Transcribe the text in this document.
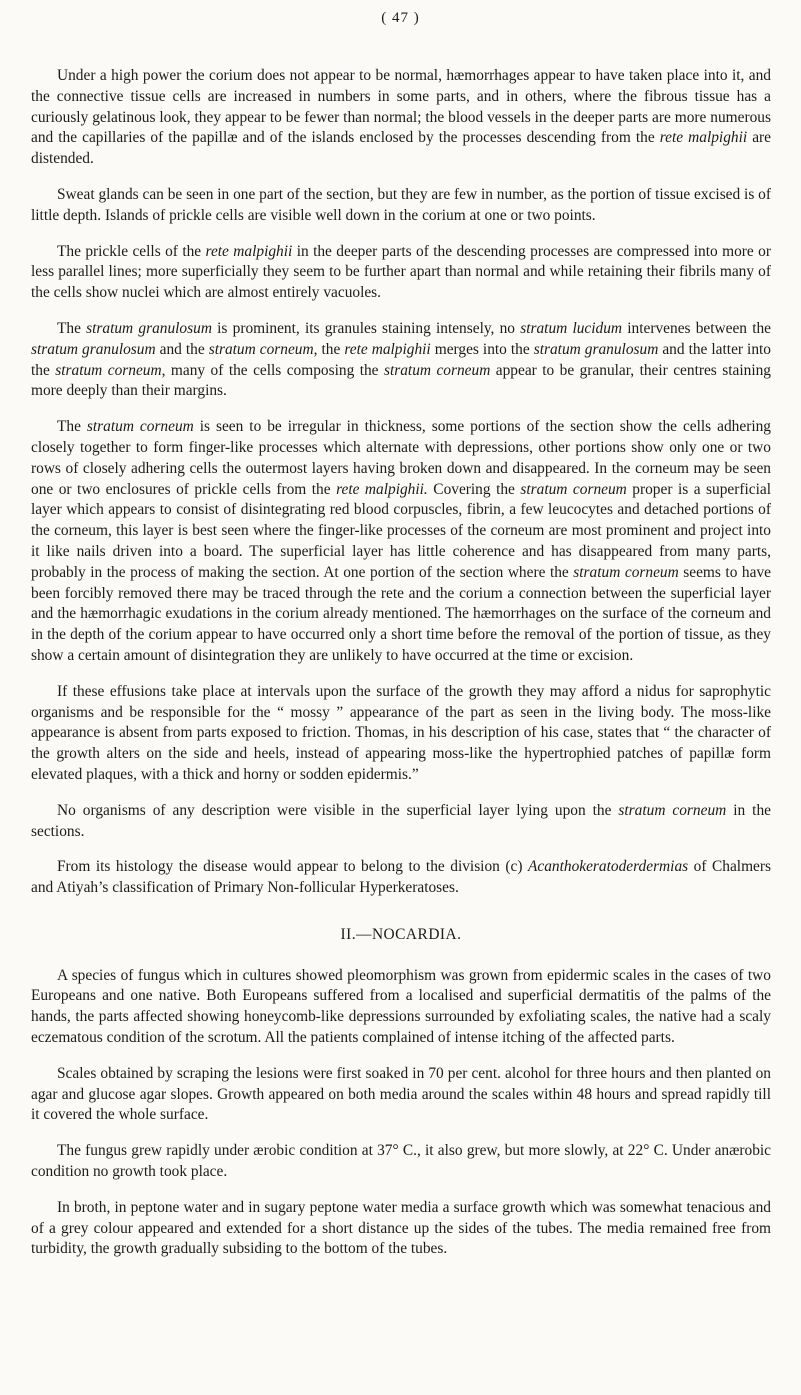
( 47 )

Under a high power the corium does not appear to be normal, hæmorrhages appear to have taken place into it, and the connective tissue cells are increased in numbers in some parts, and in others, where the fibrous tissue has a curiously gelatinous look, they appear to be fewer than normal; the blood vessels in the deeper parts are more numerous and the capillaries of the papillæ and of the islands enclosed by the processes descending from the rete malpighii are distended.

Sweat glands can be seen in one part of the section, but they are few in number, as the portion of tissue excised is of little depth. Islands of prickle cells are visible well down in the corium at one or two points.

The prickle cells of the rete malpighii in the deeper parts of the descending processes are compressed into more or less parallel lines; more superficially they seem to be further apart than normal and while retaining their fibrils many of the cells show nuclei which are almost entirely vacuoles.

The stratum granulosum is prominent, its granules staining intensely, no stratum lucidum intervenes between the stratum granulosum and the stratum corneum, the rete malpighii merges into the stratum granulosum and the latter into the stratum corneum, many of the cells composing the stratum corneum appear to be granular, their centres staining more deeply than their margins.

The stratum corneum is seen to be irregular in thickness, some portions of the section show the cells adhering closely together to form finger-like processes which alternate with depressions, other portions show only one or two rows of closely adhering cells the outermost layers having broken down and disappeared. In the corneum may be seen one or two enclosures of prickle cells from the rete malpighii. Covering the stratum corneum proper is a superficial layer which appears to consist of disintegrating red blood corpuscles, fibrin, a few leucocytes and detached portions of the corneum, this layer is best seen where the finger-like processes of the corneum are most prominent and project into it like nails driven into a board. The superficial layer has little coherence and has disappeared from many parts, probably in the process of making the section. At one portion of the section where the stratum corneum seems to have been forcibly removed there may be traced through the rete and the corium a connection between the superficial layer and the hæmorrhagic exudations in the corium already mentioned. The hæmorrhages on the surface of the corneum and in the depth of the corium appear to have occurred only a short time before the removal of the portion of tissue, as they show a certain amount of disintegration they are unlikely to have occurred at the time or excision.

If these effusions take place at intervals upon the surface of the growth they may afford a nidus for saprophytic organisms and be responsible for the “ mossy ” appearance of the part as seen in the living body. The moss-like appearance is absent from parts exposed to friction. Thomas, in his description of his case, states that “ the character of the growth alters on the side and heels, instead of appearing moss-like the hypertrophied patches of papillæ form elevated plaques, with a thick and horny or sodden epidermis.”

No organisms of any description were visible in the superficial layer lying upon the stratum corneum in the sections.

From its histology the disease would appear to belong to the division (c) Acanthokeratoderdermias of Chalmers and Atiyah’s classification of Primary Non-follicular Hyperkeratoses.

II.—NOCARDIA.

A species of fungus which in cultures showed pleomorphism was grown from epidermic scales in the cases of two Europeans and one native. Both Europeans suffered from a localised and superficial dermatitis of the palms of the hands, the parts affected showing honeycomb-like depressions surrounded by exfoliating scales, the native had a scaly eczematous condition of the scrotum. All the patients complained of intense itching of the affected parts.

Scales obtained by scraping the lesions were first soaked in 70 per cent. alcohol for three hours and then planted on agar and glucose agar slopes. Growth appeared on both media around the scales within 48 hours and spread rapidly till it covered the whole surface.

The fungus grew rapidly under ærobic condition at 37° C., it also grew, but more slowly, at 22° C. Under anærobic condition no growth took place.

In broth, in peptone water and in sugary peptone water media a surface growth which was somewhat tenacious and of a grey colour appeared and extended for a short distance up the sides of the tubes. The media remained free from turbidity, the growth gradually subsiding to the bottom of the tubes.
